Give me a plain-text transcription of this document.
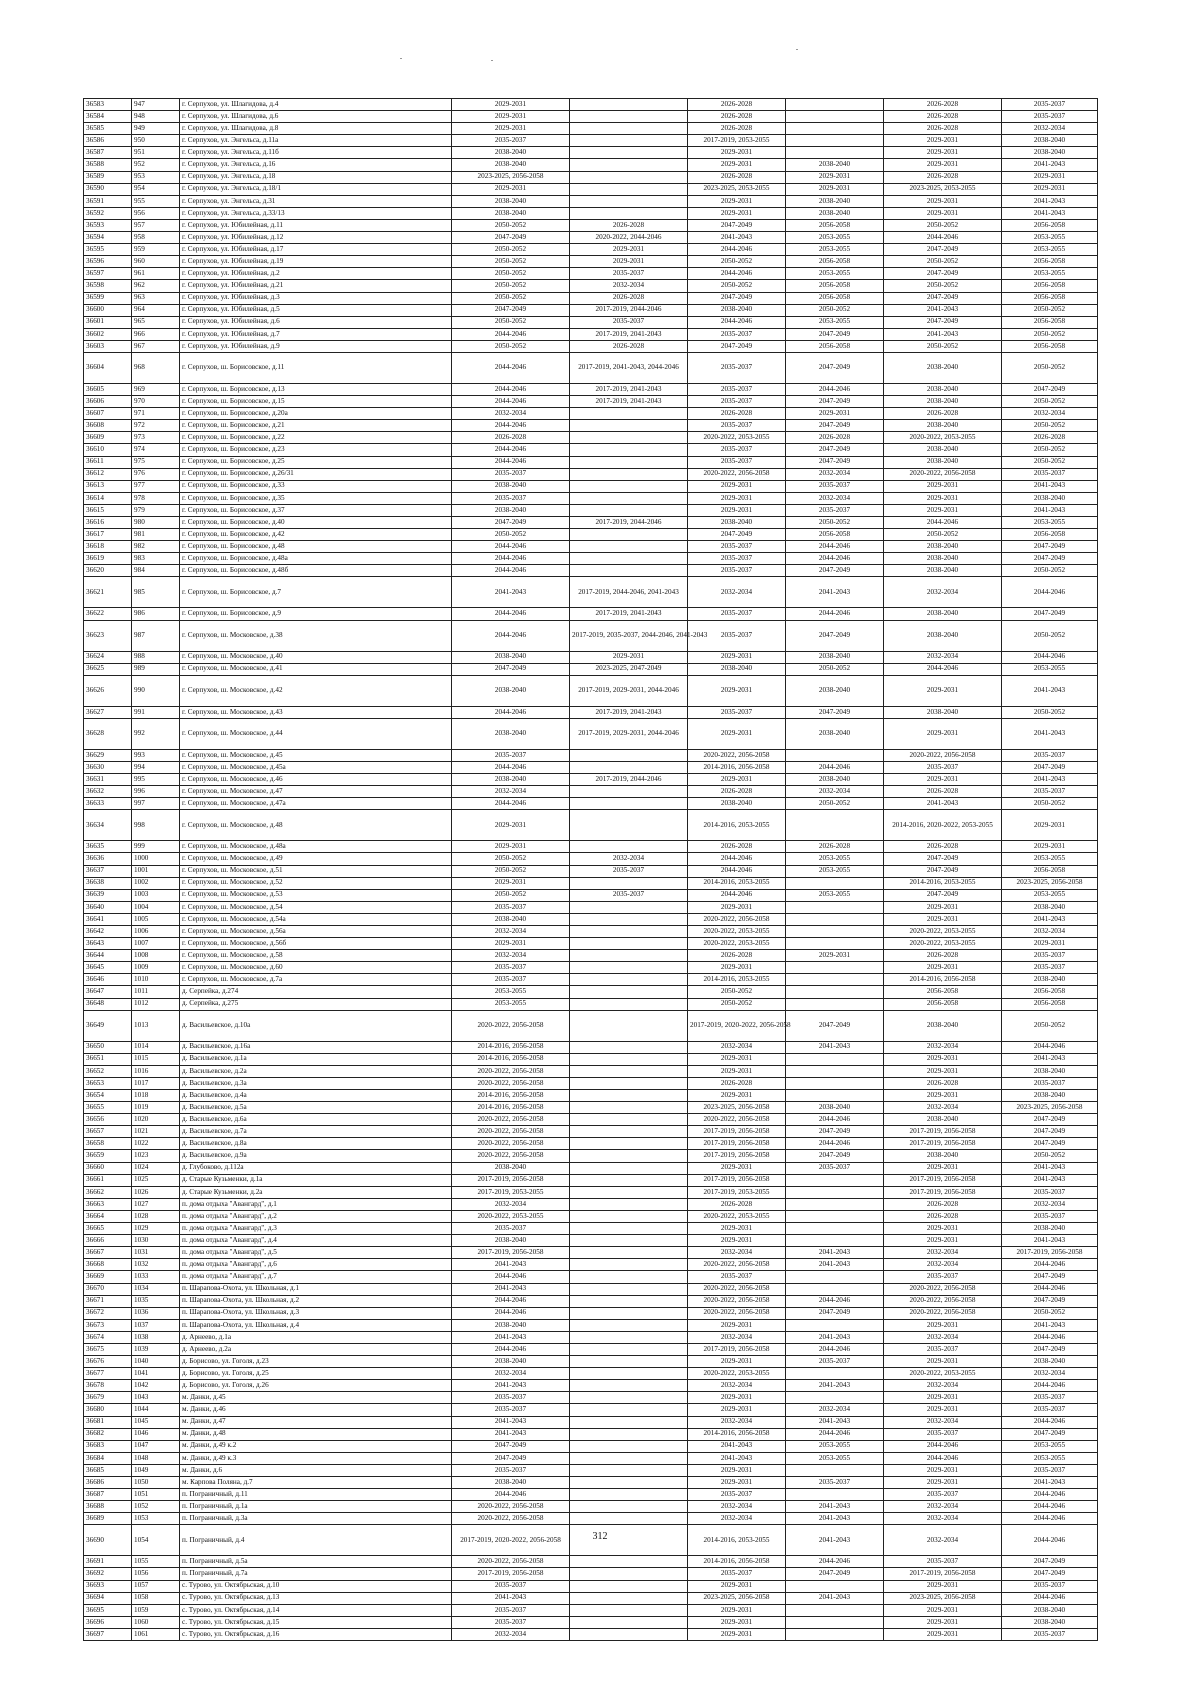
36583	947	г. Серпухов, ул. Шлагидова, д.4	2029-2031		2026-2028		2026-2028	2035-2037
36584	948	г. Серпухов, ул. Шлагидова, д.6	2029-2031		2026-2028		2026-2028	2035-2037
36585	949	г. Серпухов, ул. Шлагидова, д.8	2029-2031		2026-2028		2026-2028	2032-2034
36586	950	г. Серпухов, ул. Энгельса, д.11а	2035-2037		2017-2019, 2053-2055		2029-2031	2038-2040
36587	951	г. Серпухов, ул. Энгельса, д.11б	2038-2040		2029-2031		2029-2031	2038-2040
36588	952	г. Серпухов, ул. Энгельса, д.16	2038-2040		2029-2031	2038-2040	2029-2031	2041-2043
36589	953	г. Серпухов, ул. Энгельса, д.18	2023-2025, 2056-2058		2026-2028	2029-2031	2026-2028	2029-2031
36590	954	г. Серпухов, ул. Энгельса, д.18/1	2029-2031		2023-2025, 2053-2055	2029-2031	2023-2025, 2053-2055	2029-2031
36591	955	г. Серпухов, ул. Энгельса, д.31	2038-2040		2029-2031	2038-2040	2029-2031	2041-2043
36592	956	г. Серпухов, ул. Энгельса, д.33/13	2038-2040		2029-2031	2038-2040	2029-2031	2041-2043
36593	957	г. Серпухов, ул. Юбилейная, д.11	2050-2052	2026-2028	2047-2049	2056-2058	2050-2052	2056-2058
36594	958	г. Серпухов, ул. Юбилейная, д.12	2047-2049	2020-2022, 2044-2046	2041-2043	2053-2055	2044-2046	2053-2055
36595	959	г. Серпухов, ул. Юбилейная, д.17	2050-2052	2029-2031	2044-2046	2053-2055	2047-2049	2053-2055
36596	960	г. Серпухов, ул. Юбилейная, д.19	2050-2052	2029-2031	2050-2052	2056-2058	2050-2052	2056-2058
36597	961	г. Серпухов, ул. Юбилейная, д.2	2050-2052	2035-2037	2044-2046	2053-2055	2047-2049	2053-2055
36598	962	г. Серпухов, ул. Юбилейная, д.21	2050-2052	2032-2034	2050-2052	2056-2058	2050-2052	2056-2058
36599	963	г. Серпухов, ул. Юбилейная, д.3	2050-2052	2026-2028	2047-2049	2056-2058	2047-2049	2056-2058
36600	964	г. Серпухов, ул. Юбилейная, д.5	2047-2049	2017-2019, 2044-2046	2038-2040	2050-2052	2041-2043	2050-2052
36601	965	г. Серпухов, ул. Юбилейная, д.6	2050-2052	2035-2037	2044-2046	2053-2055	2047-2049	2056-2058
36602	966	г. Серпухов, ул. Юбилейная, д.7	2044-2046	2017-2019, 2041-2043	2035-2037	2047-2049	2041-2043	2050-2052
36603	967	г. Серпухов, ул. Юбилейная, д.9	2050-2052	2026-2028	2047-2049	2056-2058	2050-2052	2056-2058
36604	968	г. Серпухов, ш. Борисовское, д.11	2044-2046	2017-2019, 2041-2043, 2044-2046	2035-2037	2047-2049	2038-2040	2050-2052
36605	969	г. Серпухов, ш. Борисовское, д.13	2044-2046	2017-2019, 2041-2043	2035-2037	2044-2046	2038-2040	2047-2049
36606	970	г. Серпухов, ш. Борисовское, д.15	2044-2046	2017-2019, 2041-2043	2035-2037	2047-2049	2038-2040	2050-2052
36607	971	г. Серпухов, ш. Борисовское, д.20а	2032-2034		2026-2028	2029-2031	2026-2028	2032-2034
36608	972	г. Серпухов, ш. Борисовское, д.21	2044-2046		2035-2037	2047-2049	2038-2040	2050-2052
36609	973	г. Серпухов, ш. Борисовское, д.22	2026-2028		2020-2022, 2053-2055	2026-2028	2020-2022, 2053-2055	2026-2028
36610	974	г. Серпухов, ш. Борисовское, д.23	2044-2046		2035-2037	2047-2049	2038-2040	2050-2052
36611	975	г. Серпухов, ш. Борисовское, д.25	2044-2046		2035-2037	2047-2049	2038-2040	2050-2052
36612	976	г. Серпухов, ш. Борисовское, д.26/31	2035-2037		2020-2022, 2056-2058	2032-2034	2020-2022, 2056-2058	2035-2037
36613	977	г. Серпухов, ш. Борисовское, д.33	2038-2040		2029-2031	2035-2037	2029-2031	2041-2043
36614	978	г. Серпухов, ш. Борисовское, д.35	2035-2037		2029-2031	2032-2034	2029-2031	2038-2040
36615	979	г. Серпухов, ш. Борисовское, д.37	2038-2040		2029-2031	2035-2037	2029-2031	2041-2043
36616	980	г. Серпухов, ш. Борисовское, д.40	2047-2049	2017-2019, 2044-2046	2038-2040	2050-2052	2044-2046	2053-2055
36617	981	г. Серпухов, ш. Борисовское, д.42	2050-2052		2047-2049	2056-2058	2050-2052	2056-2058
36618	982	г. Серпухов, ш. Борисовское, д.48	2044-2046		2035-2037	2044-2046	2038-2040	2047-2049
36619	983	г. Серпухов, ш. Борисовское, д.48а	2044-2046		2035-2037	2044-2046	2038-2040	2047-2049
36620	984	г. Серпухов, ш. Борисовское, д.48б	2044-2046		2035-2037	2047-2049	2038-2040	2050-2052
36621	985	г. Серпухов, ш. Борисовское, д.7	2041-2043	2017-2019, 2044-2046, 2041-2043	2032-2034	2041-2043	2032-2034	2044-2046
36622	986	г. Серпухов, ш. Борисовское, д.9	2044-2046	2017-2019, 2041-2043	2035-2037	2044-2046	2038-2040	2047-2049
36623	987	г. Серпухов, ш. Московское, д.38	2044-2046	2017-2019, 2035-2037, 2044-2046, 2041-2043	2035-2037	2047-2049	2038-2040	2050-2052
36624	988	г. Серпухов, ш. Московское, д.40	2038-2040	2029-2031	2029-2031	2038-2040	2032-2034	2044-2046
36625	989	г. Серпухов, ш. Московское, д.41	2047-2049	2023-2025, 2047-2049	2038-2040	2050-2052	2044-2046	2053-2055
36626	990	г. Серпухов, ш. Московское, д.42	2038-2040	2017-2019, 2029-2031, 2044-2046	2029-2031	2038-2040	2029-2031	2041-2043
36627	991	г. Серпухов, ш. Московское, д.43	2044-2046	2017-2019, 2041-2043	2035-2037	2047-2049	2038-2040	2050-2052
36628	992	г. Серпухов, ш. Московское, д.44	2038-2040	2017-2019, 2029-2031, 2044-2046	2029-2031	2038-2040	2029-2031	2041-2043
36629	993	г. Серпухов, ш. Московское, д.45	2035-2037		2020-2022, 2056-2058		2020-2022, 2056-2058	2035-2037
36630	994	г. Серпухов, ш. Московское, д.45а	2044-2046		2014-2016, 2056-2058	2044-2046	2035-2037	2047-2049
36631	995	г. Серпухов, ш. Московское, д.46	2038-2040	2017-2019, 2044-2046	2029-2031	2038-2040	2029-2031	2041-2043
36632	996	г. Серпухов, ш. Московское, д.47	2032-2034		2026-2028	2032-2034	2026-2028	2035-2037
36633	997	г. Серпухов, ш. Московское, д.47а	2044-2046		2038-2040	2050-2052	2041-2043	2050-2052
36634	998	г. Серпухов, ш. Московское, д.48	2029-2031		2014-2016, 2053-2055		2014-2016, 2020-2022, 2053-2055	2029-2031
36635	999	г. Серпухов, ш. Московское, д.48а	2029-2031		2026-2028	2026-2028	2026-2028	2029-2031
36636	1000	г. Серпухов, ш. Московское, д.49	2050-2052	2032-2034	2044-2046	2053-2055	2047-2049	2053-2055
36637	1001	г. Серпухов, ш. Московское, д.51	2050-2052	2035-2037	2044-2046	2053-2055	2047-2049	2056-2058
36638	1002	г. Серпухов, ш. Московское, д.52	2029-2031		2014-2016, 2053-2055		2014-2016, 2053-2055	2023-2025, 2056-2058
36639	1003	г. Серпухов, ш. Московское, д.53	2050-2052	2035-2037	2044-2046	2053-2055	2047-2049	2053-2055
36640	1004	г. Серпухов, ш. Московское, д.54	2035-2037		2029-2031		2029-2031	2038-2040
36641	1005	г. Серпухов, ш. Московское, д.54а	2038-2040		2020-2022, 2056-2058		2029-2031	2041-2043
36642	1006	г. Серпухов, ш. Московское, д.56а	2032-2034		2020-2022, 2053-2055		2020-2022, 2053-2055	2032-2034
36643	1007	г. Серпухов, ш. Московское, д.56б	2029-2031		2020-2022, 2053-2055		2020-2022, 2053-2055	2029-2031
36644	1008	г. Серпухов, ш. Московское, д.58	2032-2034		2026-2028	2029-2031	2026-2028	2035-2037
36645	1009	г. Серпухов, ш. Московское, д.60	2035-2037		2029-2031		2029-2031	2035-2037
36646	1010	г. Серпухов, ш. Московское, д.7а	2035-2037		2014-2016, 2053-2055		2014-2016, 2056-2058	2038-2040
36647	1011	д. Серпейка, д.274	2053-2055		2050-2052		2056-2058	2056-2058
36648	1012	д. Серпейка, д.275	2053-2055		2050-2052		2056-2058	2056-2058
36649	1013	д. Васильевское, д.10а	2020-2022, 2056-2058		2017-2019, 2020-2022, 2056-2058	2047-2049	2038-2040	2050-2052
36650	1014	д. Васильевское, д.16а	2014-2016, 2056-2058		2032-2034	2041-2043	2032-2034	2044-2046
36651	1015	д. Васильевское, д.1а	2014-2016, 2056-2058		2029-2031		2029-2031	2041-2043
36652	1016	д. Васильевское, д.2а	2020-2022, 2056-2058		2029-2031		2029-2031	2038-2040
36653	1017	д. Васильевское, д.3а	2020-2022, 2056-2058		2026-2028		2026-2028	2035-2037
36654	1018	д. Васильевское, д.4а	2014-2016, 2056-2058		2029-2031		2029-2031	2038-2040
36655	1019	д. Васильевское, д.5а	2014-2016, 2056-2058		2023-2025, 2056-2058	2038-2040	2032-2034	2023-2025, 2056-2058
36656	1020	д. Васильевское, д.6а	2020-2022, 2056-2058		2020-2022, 2056-2058	2044-2046	2038-2040	2047-2049
36657	1021	д. Васильевское, д.7а	2020-2022, 2056-2058		2017-2019, 2056-2058	2047-2049	2017-2019, 2056-2058	2047-2049
36658	1022	д. Васильевское, д.8а	2020-2022, 2056-2058		2017-2019, 2056-2058	2044-2046	2017-2019, 2056-2058	2047-2049
36659	1023	д. Васильевское, д.9а	2020-2022, 2056-2058		2017-2019, 2056-2058	2047-2049	2038-2040	2050-2052
36660	1024	д. Глубоково, д.112а	2038-2040		2029-2031	2035-2037	2029-2031	2041-2043
36661	1025	д. Старые Кузьменки, д.1а	2017-2019, 2056-2058		2017-2019, 2056-2058		2017-2019, 2056-2058	2041-2043
36662	1026	д. Старые Кузьменки, д.2а	2017-2019, 2053-2055		2017-2019, 2053-2055		2017-2019, 2056-2058	2035-2037
36663	1027	п. дома отдыха "Авангард", д.1	2032-2034		2026-2028		2026-2028	2032-2034
36664	1028	п. дома отдыха "Авангард", д.2	2020-2022, 2053-2055		2020-2022, 2053-2055		2026-2028	2035-2037
36665	1029	п. дома отдыха "Авангард", д.3	2035-2037		2029-2031		2029-2031	2038-2040
36666	1030	п. дома отдыха "Авангард", д.4	2038-2040		2029-2031		2029-2031	2041-2043
36667	1031	п. дома отдыха "Авангард", д.5	2017-2019, 2056-2058		2032-2034	2041-2043	2032-2034	2017-2019, 2056-2058
36668	1032	п. дома отдыха "Авангард", д.6	2041-2043		2020-2022, 2056-2058	2041-2043	2032-2034	2044-2046
36669	1033	п. дома отдыха "Авангард", д.7	2044-2046		2035-2037		2035-2037	2047-2049
36670	1034	п. Шарапова-Охота, ул. Школьная, д.1	2041-2043		2020-2022, 2056-2058		2020-2022, 2056-2058	2044-2046
36671	1035	п. Шарапова-Охота, ул. Школьная, д.2	2044-2046		2020-2022, 2056-2058	2044-2046	2020-2022, 2056-2058	2047-2049
36672	1036	п. Шарапова-Охота, ул. Школьная, д.3	2044-2046		2020-2022, 2056-2058	2047-2049	2020-2022, 2056-2058	2050-2052
36673	1037	п. Шарапова-Охота, ул. Школьная, д.4	2038-2040		2029-2031		2029-2031	2041-2043
36674	1038	д. Арнеево, д.1а	2041-2043		2032-2034	2041-2043	2032-2034	2044-2046
36675	1039	д. Арнеево, д.2а	2044-2046		2017-2019, 2056-2058	2044-2046	2035-2037	2047-2049
36676	1040	д. Борисово, ул. Гоголя, д.23	2038-2040		2029-2031	2035-2037	2029-2031	2038-2040
36677	1041	д. Борисово, ул. Гоголя, д.25	2032-2034		2020-2022, 2053-2055		2020-2022, 2053-2055	2032-2034
36678	1042	д. Борисово, ул. Гоголя, д.26	2041-2043		2032-2034	2041-2043	2032-2034	2044-2046
36679	1043	м. Данки, д.45	2035-2037		2029-2031		2029-2031	2035-2037
36680	1044	м. Данки, д.46	2035-2037		2029-2031	2032-2034	2029-2031	2035-2037
36681	1045	м. Данки, д.47	2041-2043		2032-2034	2041-2043	2032-2034	2044-2046
36682	1046	м. Данки, д.48	2041-2043		2014-2016, 2056-2058	2044-2046	2035-2037	2047-2049
36683	1047	м. Данки, д.49 к.2	2047-2049		2041-2043	2053-2055	2044-2046	2053-2055
36684	1048	м. Данки, д.49 к.3	2047-2049		2041-2043	2053-2055	2044-2046	2053-2055
36685	1049	м. Данки, д.6	2035-2037		2029-2031		2029-2031	2035-2037
36686	1050	м. Карпова Поляна, д.7	2038-2040		2029-2031	2035-2037	2029-2031	2041-2043
36687	1051	п. Пограничный, д.11	2044-2046		2035-2037		2035-2037	2044-2046
36688	1052	п. Пограничный, д.1а	2020-2022, 2056-2058		2032-2034	2041-2043	2032-2034	2044-2046
36689	1053	п. Пограничный, д.3а	2020-2022, 2056-2058		2032-2034	2041-2043	2032-2034	2044-2046
36690	1054	п. Пограничный, д.4	2017-2019, 2020-2022, 2056-2058		2014-2016, 2053-2055	2041-2043	2032-2034	2044-2046
36691	1055	п. Пограничный, д.5а	2020-2022, 2056-2058		2014-2016, 2056-2058	2044-2046	2035-2037	2047-2049
36692	1056	п. Пограничный, д.7а	2017-2019, 2056-2058		2035-2037	2047-2049	2017-2019, 2056-2058	2047-2049
36693	1057	с. Турово, ул. Октябрьская, д.10	2035-2037		2029-2031		2029-2031	2035-2037
36694	1058	с. Турово, ул. Октябрьская, д.13	2041-2043		2023-2025, 2056-2058	2041-2043	2023-2025, 2056-2058	2044-2046
36695	1059	с. Турово, ул. Октябрьская, д.14	2035-2037		2029-2031		2029-2031	2038-2040
36696	1060	с. Турово, ул. Октябрьская, д.15	2035-2037		2029-2031		2029-2031	2038-2040
36697	1061	с. Турово, ул. Октябрьская, д.16	2032-2034		2029-2031		2029-2031	2035-2037
312
